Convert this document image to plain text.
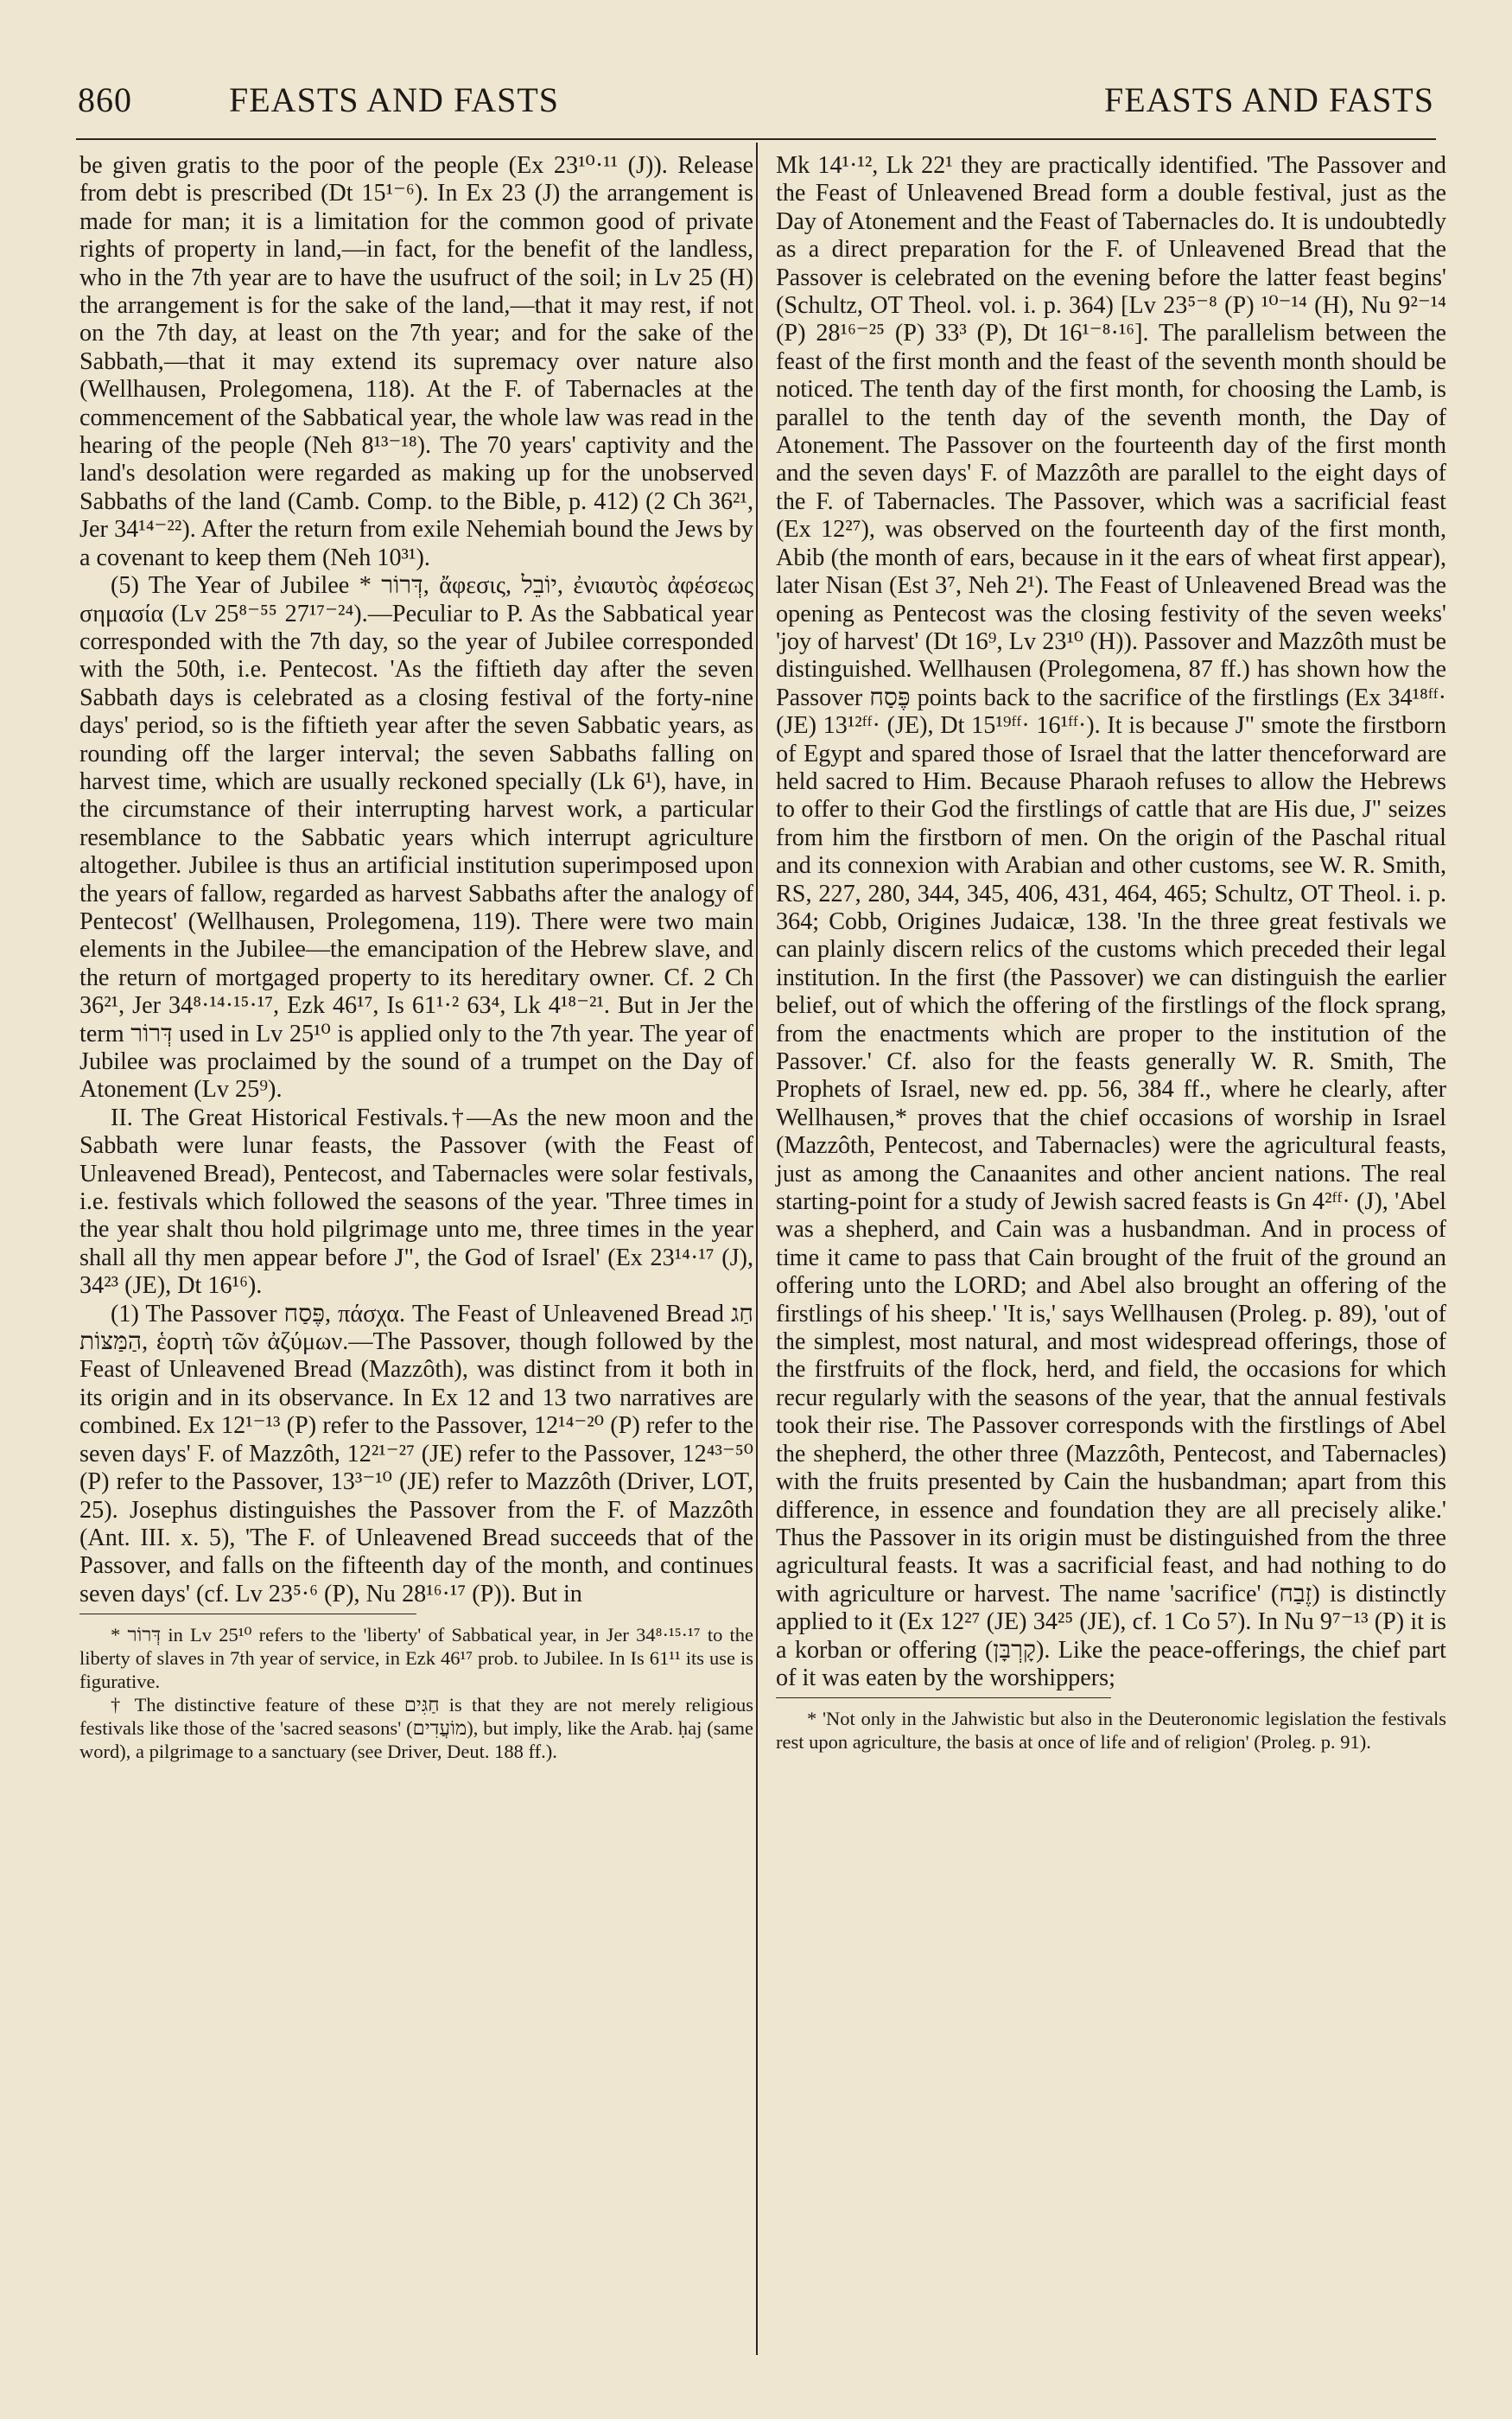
860	FEASTS AND FASTS	FEASTS AND FASTS

be given gratis to the poor of the people (Ex 23¹⁰·¹¹ (J)). Release from debt is prescribed (Dt 15¹⁻⁶). In Ex 23 (J) the arrangement is made for man; it is a limitation for the common good of private rights of property in land,—in fact, for the benefit of the landless, who in the 7th year are to have the usufruct of the soil; in Lv 25 (H) the arrangement is for the sake of the land,—that it may rest, if not on the 7th day, at least on the 7th year; and for the sake of the Sabbath,—that it may extend its supremacy over nature also (Wellhausen, Prolegomena, 118). At the F. of Tabernacles at the commencement of the Sabbatical year, the whole law was read in the hearing of the people (Neh 8¹³⁻¹⁸). The 70 years' captivity and the land's desolation were regarded as making up for the unobserved Sabbaths of the land (Camb. Comp. to the Bible, p. 412) (2 Ch 36²¹, Jer 34¹⁴⁻²²). After the return from exile Nehemiah bound the Jews by a covenant to keep them (Neh 10³¹).

(5) The Year of Jubilee * דְּרוֹר, ἄφεσις, יוֹבֵל, ἐνιαυτὸς ἀφέσεως σημασία (Lv 25⁸⁻⁵⁵ 27¹⁷⁻²⁴).—Peculiar to P. As the Sabbatical year corresponded with the 7th day, so the year of Jubilee corresponded with the 50th, i.e. Pentecost. 'As the fiftieth day after the seven Sabbath days is celebrated as a closing festival of the forty-nine days' period, so is the fiftieth year after the seven Sabbatic years, as rounding off the larger interval; the seven Sabbaths falling on harvest time, which are usually reckoned specially (Lk 6¹), have, in the circumstance of their interrupting harvest work, a particular resemblance to the Sabbatic years which interrupt agriculture altogether. Jubilee is thus an artificial institution superimposed upon the years of fallow, regarded as harvest Sabbaths after the analogy of Pentecost' (Wellhausen, Prolegomena, 119). There were two main elements in the Jubilee—the emancipation of the Hebrew slave, and the return of mortgaged property to its hereditary owner. Cf. 2 Ch 36²¹, Jer 34⁸·¹⁴·¹⁵·¹⁷, Ezk 46¹⁷, Is 61¹·² 63⁴, Lk 4¹⁸⁻²¹. But in Jer the term דְּרוֹר used in Lv 25¹⁰ is applied only to the 7th year. The year of Jubilee was proclaimed by the sound of a trumpet on the Day of Atonement (Lv 25⁹).

II. The Great Historical Festivals.†—As the new moon and the Sabbath were lunar feasts, the Passover (with the Feast of Unleavened Bread), Pentecost, and Tabernacles were solar festivals, i.e. festivals which followed the seasons of the year. 'Three times in the year shalt thou hold pilgrimage unto me, three times in the year shall all thy men appear before J", the God of Israel' (Ex 23¹⁴·¹⁷ (J), 34²³ (JE), Dt 16¹⁶).

(1) The Passover פֶּסַח, πάσχα. The Feast of Unleavened Bread חַג הַמַּצּוֹת, ἑορτὴ τῶν ἀζύμων.—The Passover, though followed by the Feast of Unleavened Bread (Mazzôth), was distinct from it both in its origin and in its observance. In Ex 12 and 13 two narratives are combined. Ex 12¹⁻¹³ (P) refer to the Passover, 12¹⁴⁻²⁰ (P) refer to the seven days' F. of Mazzôth, 12²¹⁻²⁷ (JE) refer to the Passover, 12⁴³⁻⁵⁰ (P) refer to the Passover, 13³⁻¹⁰ (JE) refer to Mazzôth (Driver, LOT, 25). Josephus distinguishes the Passover from the F. of Mazzôth (Ant. III. x. 5), 'The F. of Unleavened Bread succeeds that of the Passover, and falls on the fifteenth day of the month, and continues seven days' (cf. Lv 23⁵·⁶ (P), Nu 28¹⁶·¹⁷ (P)). But in

* דְּרוֹר in Lv 25¹⁰ refers to the 'liberty' of Sabbatical year, in Jer 34⁸·¹⁵·¹⁷ to the liberty of slaves in 7th year of service, in Ezk 46¹⁷ prob. to Jubilee. In Is 61¹¹ its use is figurative.

† The distinctive feature of these חַגִּים is that they are not merely religious festivals like those of the 'sacred seasons' (מוֹעֲדִים), but imply, like the Arab. ḥaj (same word), a pilgrimage to a sanctuary (see Driver, Deut. 188 ff.).

Mk 14¹·¹², Lk 22¹ they are practically identified. 'The Passover and the Feast of Unleavened Bread form a double festival, just as the Day of Atonement and the Feast of Tabernacles do. It is undoubtedly as a direct preparation for the F. of Unleavened Bread that the Passover is celebrated on the evening before the latter feast begins' (Schultz, OT Theol. vol. i. p. 364) [Lv 23⁵⁻⁸ (P) ¹⁰⁻¹⁴ (H), Nu 9²⁻¹⁴ (P) 28¹⁶⁻²⁵ (P) 33³ (P), Dt 16¹⁻⁸·¹⁶]. The parallelism between the feast of the first month and the feast of the seventh month should be noticed. The tenth day of the first month, for choosing the Lamb, is parallel to the tenth day of the seventh month, the Day of Atonement. The Passover on the fourteenth day of the first month and the seven days' F. of Mazzôth are parallel to the eight days of the F. of Tabernacles. The Passover, which was a sacrificial feast (Ex 12²⁷), was observed on the fourteenth day of the first month, Abib (the month of ears, because in it the ears of wheat first appear), later Nisan (Est 3⁷, Neh 2¹). The Feast of Unleavened Bread was the opening as Pentecost was the closing festivity of the seven weeks' 'joy of harvest' (Dt 16⁹, Lv 23¹⁰ (H)). Passover and Mazzôth must be distinguished. Wellhausen (Prolegomena, 87 ff.) has shown how the Passover פֶּסַח points back to the sacrifice of the firstlings (Ex 34¹⁸ᶠᶠ· (JE) 13¹²ᶠᶠ· (JE), Dt 15¹⁹ᶠᶠ· 16¹ᶠᶠ·). It is because J" smote the firstborn of Egypt and spared those of Israel that the latter thenceforward are held sacred to Him. Because Pharaoh refuses to allow the Hebrews to offer to their God the firstlings of cattle that are His due, J" seizes from him the firstborn of men. On the origin of the Paschal ritual and its connexion with Arabian and other customs, see W. R. Smith, RS, 227, 280, 344, 345, 406, 431, 464, 465; Schultz, OT Theol. i. p. 364; Cobb, Origines Judaicæ, 138. 'In the three great festivals we can plainly discern relics of the customs which preceded their legal institution. In the first (the Passover) we can distinguish the earlier belief, out of which the offering of the firstlings of the flock sprang, from the enactments which are proper to the institution of the Passover.' Cf. also for the feasts generally W. R. Smith, The Prophets of Israel, new ed. pp. 56, 384 ff., where he clearly, after Wellhausen,* proves that the chief occasions of worship in Israel (Mazzôth, Pentecost, and Tabernacles) were the agricultural feasts, just as among the Canaanites and other ancient nations. The real starting-point for a study of Jewish sacred feasts is Gn 4²ᶠᶠ· (J), 'Abel was a shepherd, and Cain was a husbandman. And in process of time it came to pass that Cain brought of the fruit of the ground an offering unto the LORD; and Abel also brought an offering of the firstlings of his sheep.' 'It is,' says Wellhausen (Proleg. p. 89), 'out of the simplest, most natural, and most widespread offerings, those of the firstfruits of the flock, herd, and field, the occasions for which recur regularly with the seasons of the year, that the annual festivals took their rise. The Passover corresponds with the firstlings of Abel the shepherd, the other three (Mazzôth, Pentecost, and Tabernacles) with the fruits presented by Cain the husbandman; apart from this difference, in essence and foundation they are all precisely alike.' Thus the Passover in its origin must be distinguished from the three agricultural feasts. It was a sacrificial feast, and had nothing to do with agriculture or harvest. The name 'sacrifice' (זֶבַח) is distinctly applied to it (Ex 12²⁷ (JE) 34²⁵ (JE), cf. 1 Co 5⁷). In Nu 9⁷⁻¹³ (P) it is a korban or offering (קָרְבָּן). Like the peace-offerings, the chief part of it was eaten by the worshippers;

* 'Not only in the Jahwistic but also in the Deuteronomic legislation the festivals rest upon agriculture, the basis at once of life and of religion' (Proleg. p. 91).
